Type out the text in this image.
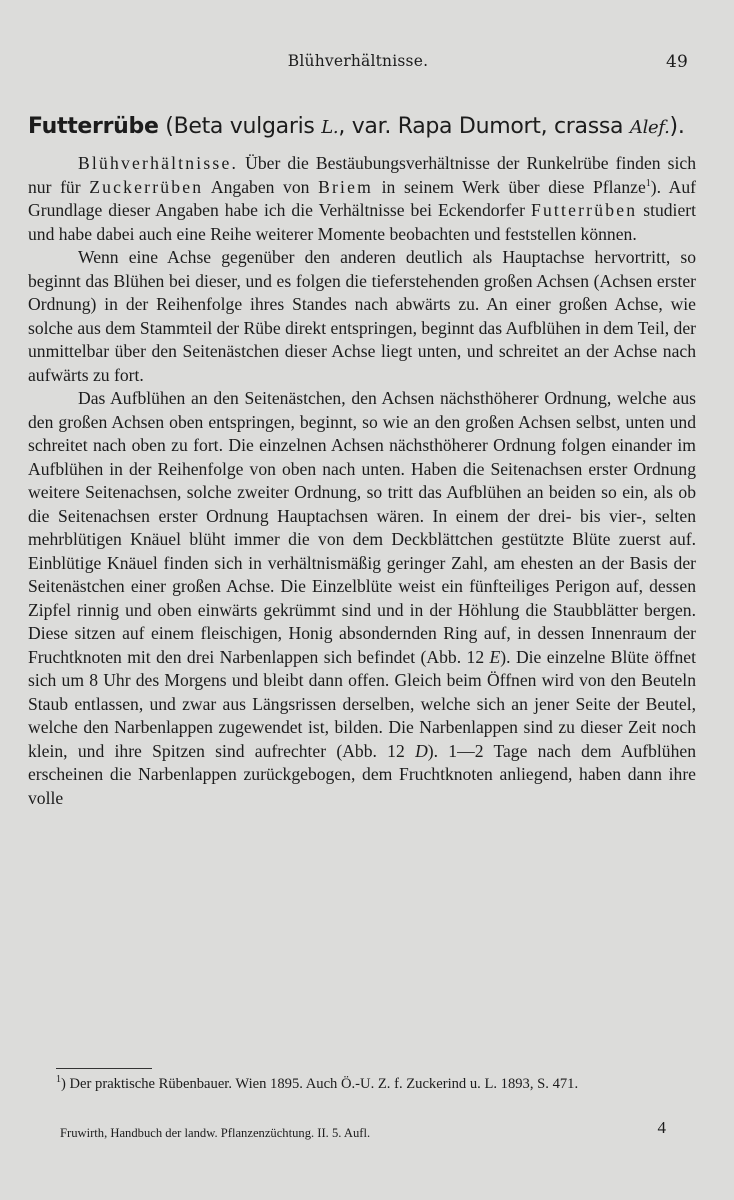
Blühverhältnisse.	49
Futterrübe (Beta vulgaris L., var. Rapa Dumort, crassa Alef.).

Blühverhältnisse. Über die Bestäubungsverhältnisse der Runkelrübe finden sich nur für Zuckerrüben Angaben von Briem in seinem Werk über diese Pflanze$^1$). Auf Grundlage dieser Angaben habe ich die Verhältnisse bei Eckendorfer Futterrüben studiert und habe dabei auch eine Reihe weiterer Momente beobachten und feststellen können.

Wenn eine Achse gegenüber den anderen deutlich als Hauptachse hervortritt, so beginnt das Blühen bei dieser, und es folgen die tieferstehenden großen Achsen (Achsen erster Ordnung) in der Reihenfolge ihres Standes nach abwärts zu. An einer großen Achse, wie solche aus dem Stammteil der Rübe direkt entspringen, beginnt das Aufblühen in dem Teil, der unmittelbar über den Seitenästchen dieser Achse liegt unten, und schreitet an der Achse nach aufwärts zu fort.

Das Aufblühen an den Seitenästchen, den Achsen nächsthöherer Ordnung, welche aus den großen Achsen oben entspringen, beginnt, so wie an den großen Achsen selbst, unten und schreitet nach oben zu fort. Die einzelnen Achsen nächsthöherer Ordnung folgen einander im Aufblühen in der Reihenfolge von oben nach unten. Haben die Seitenachsen erster Ordnung weitere Seitenachsen, solche zweiter Ordnung, so tritt das Aufblühen an beiden so ein, als ob die Seitenachsen erster Ordnung Hauptachsen wären. In einem der drei- bis vier-, selten mehrblütigen Knäuel blüht immer die von dem Deckblättchen gestützte Blüte zuerst auf. Einblütige Knäuel finden sich in verhältnismäßig geringer Zahl, am ehesten an der Basis der Seitenästchen einer großen Achse. Die Einzelblüte weist ein fünfteiliges Perigon auf, dessen Zipfel rinnig und oben einwärts gekrümmt sind und in der Höhlung die Staubblätter bergen. Diese sitzen auf einem fleischigen, Honig absondernden Ring auf, in dessen Innenraum der Fruchtknoten mit den drei Narbenlappen sich befindet (Abb. 12 E). Die einzelne Blüte öffnet sich um 8 Uhr des Morgens und bleibt dann offen. Gleich beim Öffnen wird von den Beuteln Staub entlassen, und zwar aus Längsrissen derselben, welche sich an jener Seite der Beutel, welche den Narbenlappen zugewendet ist, bilden. Die Narbenlappen sind zu dieser Zeit noch klein, und ihre Spitzen sind aufrechter (Abb. 12 D). 1—2 Tage nach dem Aufblühen erscheinen die Narbenlappen zurückgebogen, dem Fruchtknoten anliegend, haben dann ihre volle

$^1$) Der praktische Rübenbauer. Wien 1895. Auch Ö.-U. Z. f. Zuckerind u. L. 1893, S. 471.
Fruwirth, Handbuch der landw. Pflanzenzüchtung. II. 5. Aufl.	4
